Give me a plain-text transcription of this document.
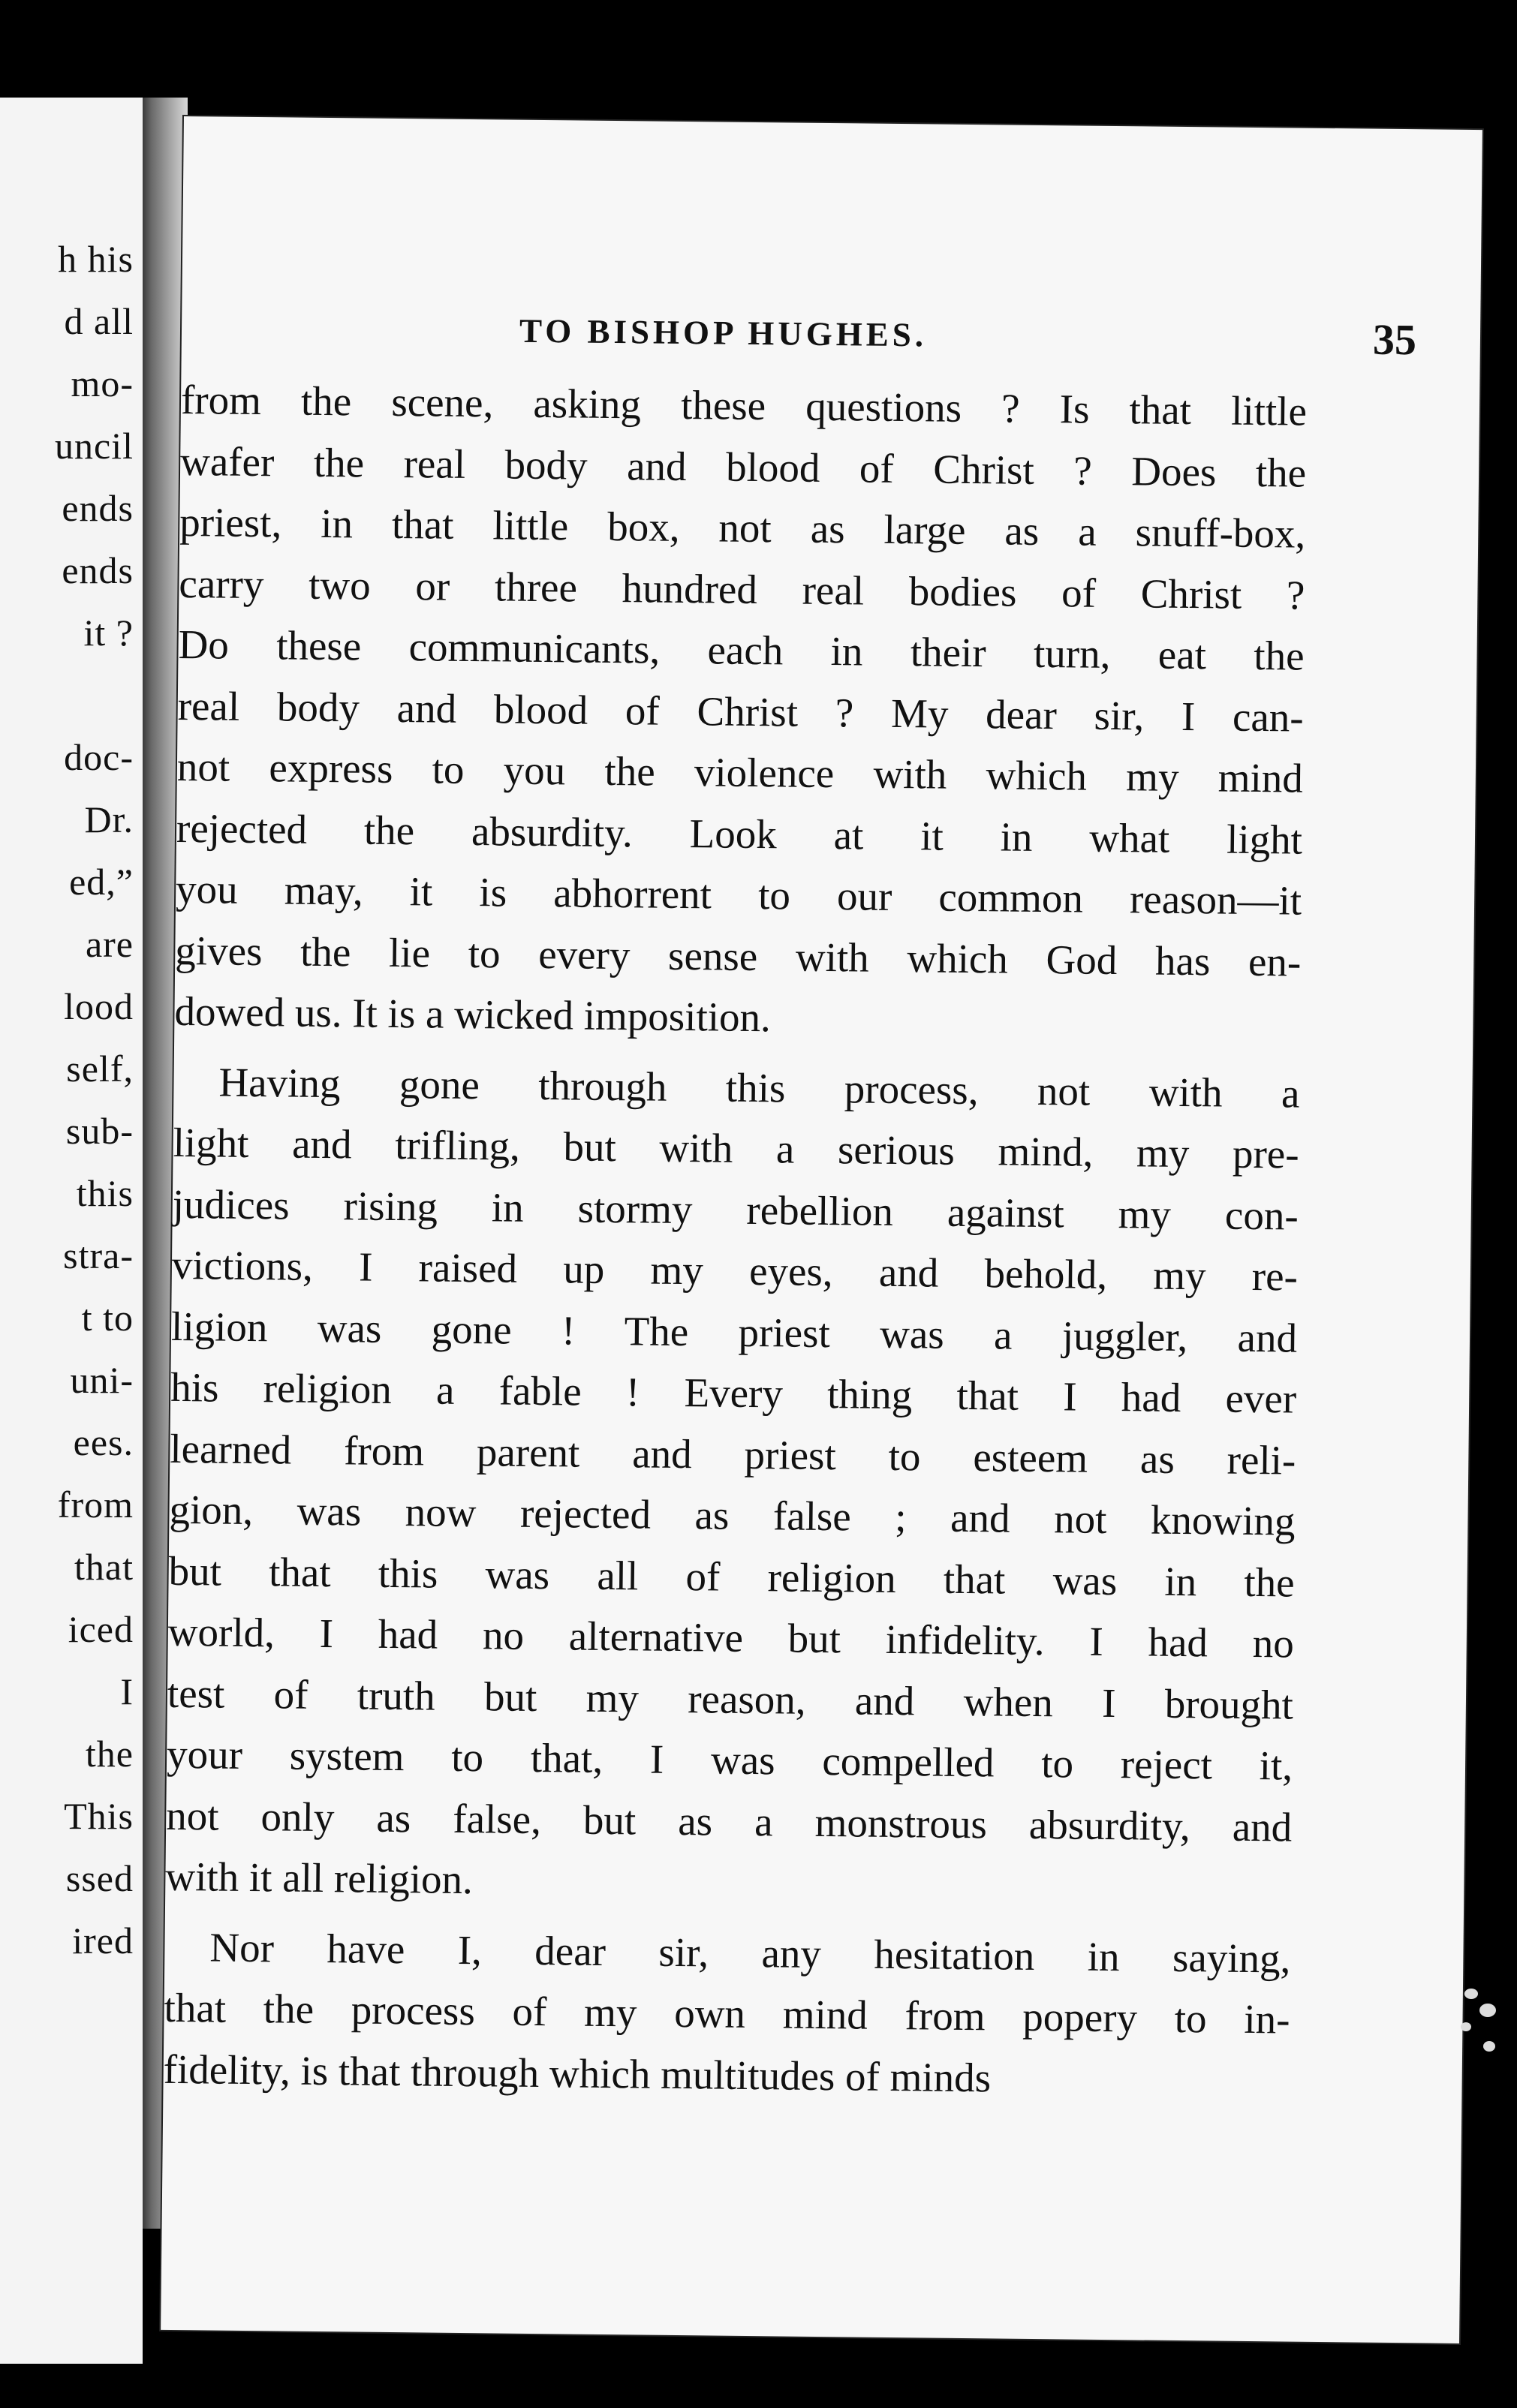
h his
d all
mo-
uncil
ends
ends
it ?
doc-
Dr.
ed,”
are
lood
self,
sub-
this
stra-
t to
uni-
ees.
from
that
iced
I
the
This
ssed
ired
TO BISHOP HUGHES.	35
from the scene, asking these questions ? Is that little
wafer the real body and blood of Christ ? Does the
priest, in that little box, not as large as a snuff-box,
carry two or three hundred real bodies of Christ ?
Do these communicants, each in their turn, eat the
real body and blood of Christ ? My dear sir, I can-
not express to you the violence with which my mind
rejected the absurdity. Look at it in what light
you may, it is abhorrent to our common reason—it
gives the lie to every sense with which God has en-
dowed us. It is a wicked imposition.
Having gone through this process, not with a
light and trifling, but with a serious mind, my pre-
judices rising in stormy rebellion against my con-
victions, I raised up my eyes, and behold, my re-
ligion was gone ! The priest was a juggler, and
his religion a fable ! Every thing that I had ever
learned from parent and priest to esteem as reli-
gion, was now rejected as false ; and not knowing
but that this was all of religion that was in the
world, I had no alternative but infidelity. I had no
test of truth but my reason, and when I brought
your system to that, I was compelled to reject it,
not only as false, but as a monstrous absurdity, and
with it all religion.
Nor have I, dear sir, any hesitation in saying,
that the process of my own mind from popery to in-
fidelity, is that through which multitudes of minds
